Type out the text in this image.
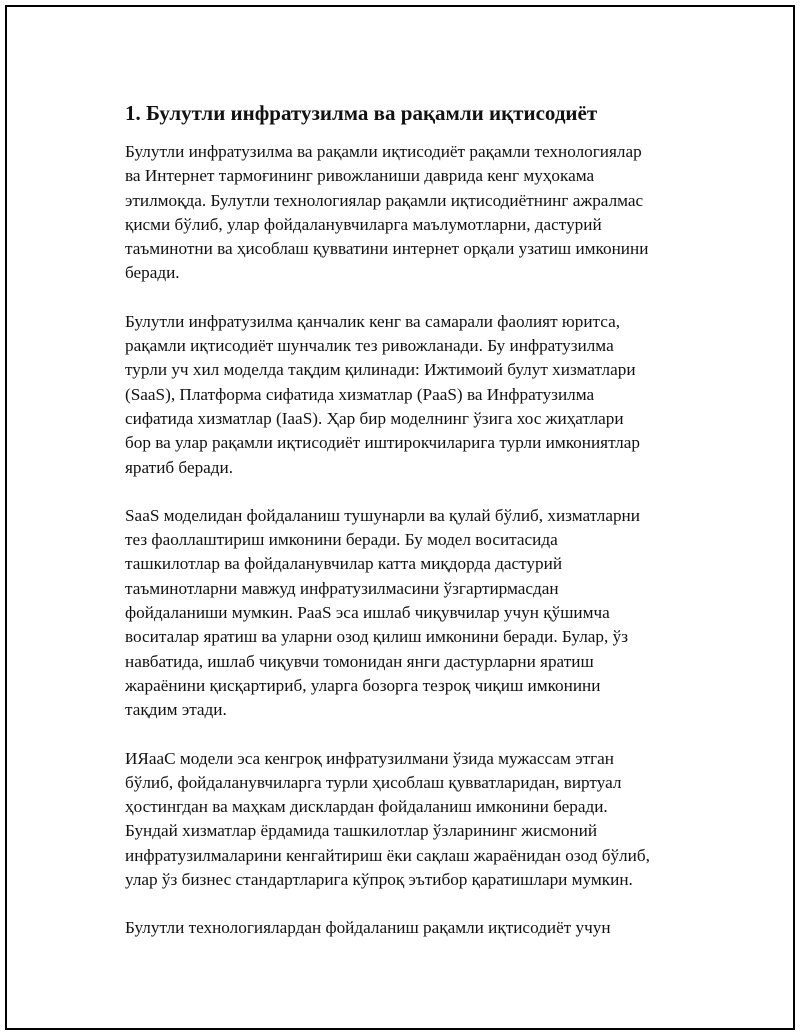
1. Булутли инфратузилма ва рақамли иқтисодиёт

Булутли инфратузилма ва рақамли иқтисодиёт рақамли технологиялар
ва Интернет тармоғининг ривожланиши даврида кенг муҳокама
этилмоқда. Булутли технологиялар рақамли иқтисодиётнинг ажралмас
қисми бўлиб, улар фойдаланувчиларга маълумотларни, дастурий
таъминотни ва ҳисоблаш қувватини интернет орқали узатиш имконини
беради.

Булутли инфратузилма қанчалик кенг ва самарали фаолият юритса,
рақамли иқтисодиёт шунчалик тез ривожланади. Бу инфратузилма
турли уч хил моделда тақдим қилинади: Ижтимоий булут хизматлари
(SaaS), Платформа сифатида хизматлар (PaaS) ва Инфратузилма
сифатида хизматлар (IaaS). Ҳар бир моделнинг ўзига хос жиҳатлари
бор ва улар рақамли иқтисодиёт иштирокчиларига турли имкониятлар
яратиб беради.

SaaS моделидан фойдаланиш тушунарли ва қулай бўлиб, хизматларни
тез фаоллаштириш имконини беради. Бу модел воситасида
ташкилотлар ва фойдаланувчилар катта миқдорда дастурий
таъминотларни мавжуд инфратузилмасини ўзгартирмасдан
фойдаланиши мумкин. PaaS эса ишлаб чиқувчилар учун қўшимча
воситалар яратиш ва уларни озод қилиш имконини беради. Булар, ўз
навбатида, ишлаб чиқувчи томонидан янги дастурларни яратиш
жараёнини қисқартириб, уларга бозорга тезроқ чиқиш имконини
тақдим этади.

ИЯааС модели эса кенгроқ инфратузилмани ўзида мужассам этган
бўлиб, фойдаланувчиларга турли ҳисоблаш қувватларидан, виртуал
ҳостингдан ва маҳкам дисклардан фойдаланиш имконини беради.
Бундай хизматлар ёрдамида ташкилотлар ўзларининг жисмоний
инфратузилмаларини кенгайтириш ёки сақлаш жараёнидан озод бўлиб,
улар ўз бизнес стандартларига кўпроқ эътибор қаратишлари мумкин.

Булутли технологиялардан фойдаланиш рақамли иқтисодиёт учун
